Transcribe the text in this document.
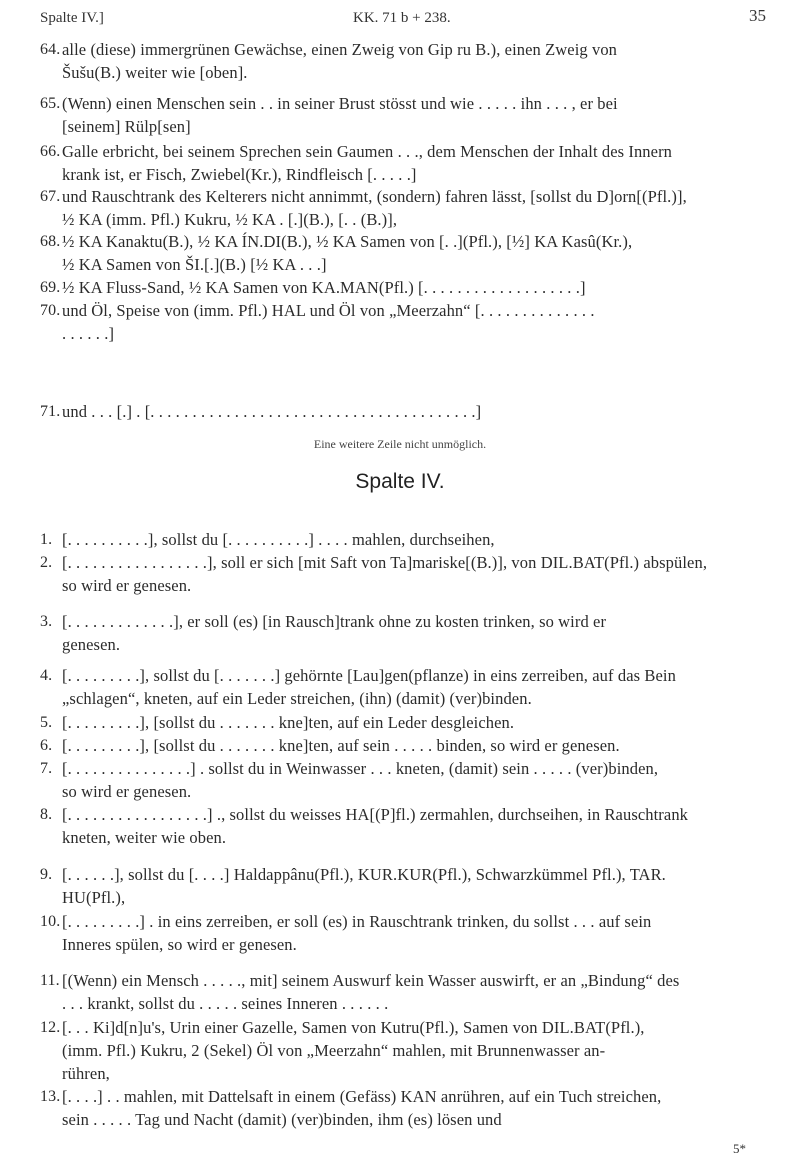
Spalte IV.]	KK. 71 b + 238.	35
64. alle (diese) immergrünen Gewächse, einen Zweig von Gip ru B.), einen Zweig von
Šušu(B.) weiter wie [oben].
65. (Wenn) einen Menschen sein . . in seiner Brust stösst und wie . . . . . ihn . . . , er bei
[seinem] Rülp[sen]
66. Galle erbricht, bei seinem Sprechen sein Gaumen . . ., dem Menschen der Inhalt des Innern
krank ist, er Fisch, Zwiebel(Kr.), Rindfleisch [. . . . .]
67. und Rauschtrank des Kelterers nicht annimmt, (sondern) fahren lässt, [sollst du D]orn[(Pfl.)],
½ KA (imm. Pfl.) Kukru, ½ KA . [.](B.), [. . (B.)],
68. ½ KA Kanaktu(B.), ½ KA ÍN.DI(B.), ½ KA Samen von [. .](Pfl.), [½] KA Kasû(Kr.),
½ KA Samen von ŠI.[.](B.) [½ KA . . .]
69. ½ KA Fluss-Sand, ½ KA Samen von KA.MAN(Pfl.) [. . . . . . . . . . . . . . . . . . .]
70. und Öl, Speise von (imm. Pfl.) HAL und Öl von „Meerzahn“ [. . . . . . . . . . . . . .
. . . . . .]
71. und . . . [.] . [. . . . . . . . . . . . . . . . . . . . . . . . . . . . . . . . . . . . . . .]
Eine weitere Zeile nicht unmöglich.
Spalte IV.
1. [. . . . . . . . . .], sollst du [. . . . . . . . . .] . . . . mahlen, durchseihen,
2. [. . . . . . . . . . . . . . . . .], soll er sich [mit Saft von Ta]mariske[(B.)], von DIL.BAT(Pfl.) abspülen,
so wird er genesen.
3. [. . . . . . . . . . . . .], er soll (es) [in Rausch]trank ohne zu kosten trinken, so wird er
genesen.
4. [. . . . . . . . .], sollst du [. . . . . . .] gehörnte [Lau]gen(pflanze) in eins zerreiben, auf das Bein
„schlagen“, kneten, auf ein Leder streichen, (ihn) (damit) (ver)binden.
5. [. . . . . . . . .], [sollst du . . . . . . . kne]ten, auf ein Leder desgleichen.
6. [. . . . . . . . .], [sollst du . . . . . . . kne]ten, auf sein . . . . . binden, so wird er genesen.
7. [. . . . . . . . . . . . . . .] . sollst du in Weinwasser . . . kneten, (damit) sein . . . . . (ver)binden,
so wird er genesen.
8. [. . . . . . . . . . . . . . . . .] ., sollst du weisses HA[(P]fl.) zermahlen, durchseihen, in Rauschtrank
kneten, weiter wie oben.
9. [. . . . . .], sollst du [. . . .] Haldappânu(Pfl.), KUR.KUR(Pfl.), Schwarzkümmel Pfl.), TAR.
HU(Pfl.),
10. [. . . . . . . . .] . in eins zerreiben, er soll (es) in Rauschtrank trinken, du sollst . . . auf sein
Inneres spülen, so wird er genesen.
11. [(Wenn) ein Mensch . . . . ., mit] seinem Auswurf kein Wasser auswirft, er an „Bindung“ des
. . . krankt, sollst du . . . . . seines Inneren . . . . . .
12. [. . . Ki]d[n]u's, Urin einer Gazelle, Samen von Kutru(Pfl.), Samen von DIL.BAT(Pfl.),
(imm. Pfl.) Kukru, 2 (Sekel) Öl von „Meerzahn“ mahlen, mit Brunnenwasser an-
rühren,
13. [. . . .] . . mahlen, mit Dattelsaft in einem (Gefäss) KAN anrühren, auf ein Tuch streichen,
sein . . . . . Tag und Nacht (damit) (ver)binden, ihm (es) lösen und
5*
